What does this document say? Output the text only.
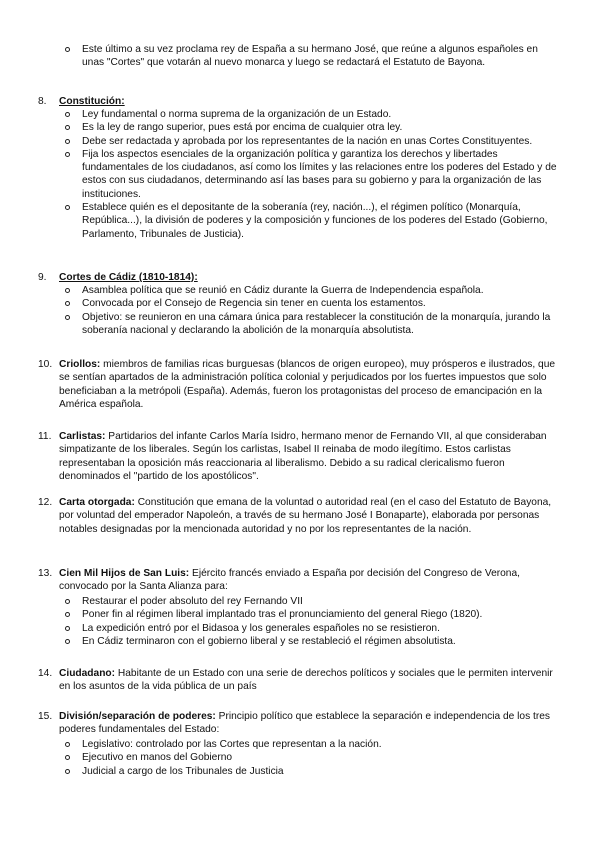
Este último a su vez proclama rey de España a su hermano José, que reúne a algunos españoles en unas "Cortes" que votarán al nuevo monarca y luego se redactará el Estatuto de Bayona.
8.	Constitución:
Ley fundamental o norma suprema de la organización de un Estado.
Es la ley de rango superior, pues está por encima de cualquier otra ley.
Debe ser redactada y aprobada por los representantes de la nación en unas Cortes Constituyentes.
Fija los aspectos esenciales de la organización política y garantiza los derechos y libertades fundamentales de los ciudadanos, así como los límites y las relaciones entre los poderes del Estado y de estos con sus ciudadanos, determinando así las bases para su gobierno y para la organización de las instituciones.
Establece quién es el depositante de la soberanía (rey, nación...), el régimen político (Monarquía, República...), la división de poderes y la composición y funciones de los poderes del Estado (Gobierno, Parlamento, Tribunales de Justicia).
9.	Cortes de Cádiz (1810-1814):
Asamblea política que se reunió en Cádiz durante la Guerra de Independencia española.
Convocada por el Consejo de Regencia sin tener en cuenta los estamentos.
Objetivo: se reunieron en una cámara única para restablecer la constitución de la monarquía, jurando la soberanía nacional y declarando la abolición de la monarquía absolutista.
10. Criollos: miembros de familias ricas burguesas (blancos de origen europeo), muy prósperos e ilustrados, que se sentían apartados de la administración política colonial y perjudicados por los fuertes impuestos que solo beneficiaban a la metrópoli (España). Además, fueron los protagonistas del proceso de emancipación en la América española.
11. Carlistas: Partidarios del infante Carlos María Isidro, hermano menor de Fernando VII, al que consideraban simpatizante de los liberales. Según los carlistas, Isabel II reinaba de modo ilegítimo. Estos carlistas representaban la oposición más reaccionaria al liberalismo. Debido a su radical clericalismo fueron denominados el "partido de los apostólicos".
12. Carta otorgada: Constitución que emana de la voluntad o autoridad real (en el caso del Estatuto de Bayona, por voluntad del emperador Napoleón, a través de su hermano José I Bonaparte), elaborada por personas notables designadas por la mencionada autoridad y no por los representantes de la nación.
13. Cien Mil Hijos de San Luis: Ejército francés enviado a España por decisión del Congreso de Verona, convocado por la Santa Alianza para:
Restaurar el poder absoluto del rey Fernando VII
Poner fin al régimen liberal implantado tras el pronunciamiento del general Riego (1820).
La expedición entró por el Bidasoa y los generales españoles no se resistieron.
En Cádiz terminaron con el gobierno liberal y se restableció el régimen absolutista.
14. Ciudadano: Habitante de un Estado con una serie de derechos políticos y sociales que le permiten intervenir en los asuntos de la vida pública de un país
15. División/separación de poderes: Principio político que establece la separación e independencia de los tres poderes fundamentales del Estado:
Legislativo: controlado por las Cortes que representan a la nación.
Ejecutivo en manos del Gobierno
Judicial a cargo de los Tribunales de Justicia
